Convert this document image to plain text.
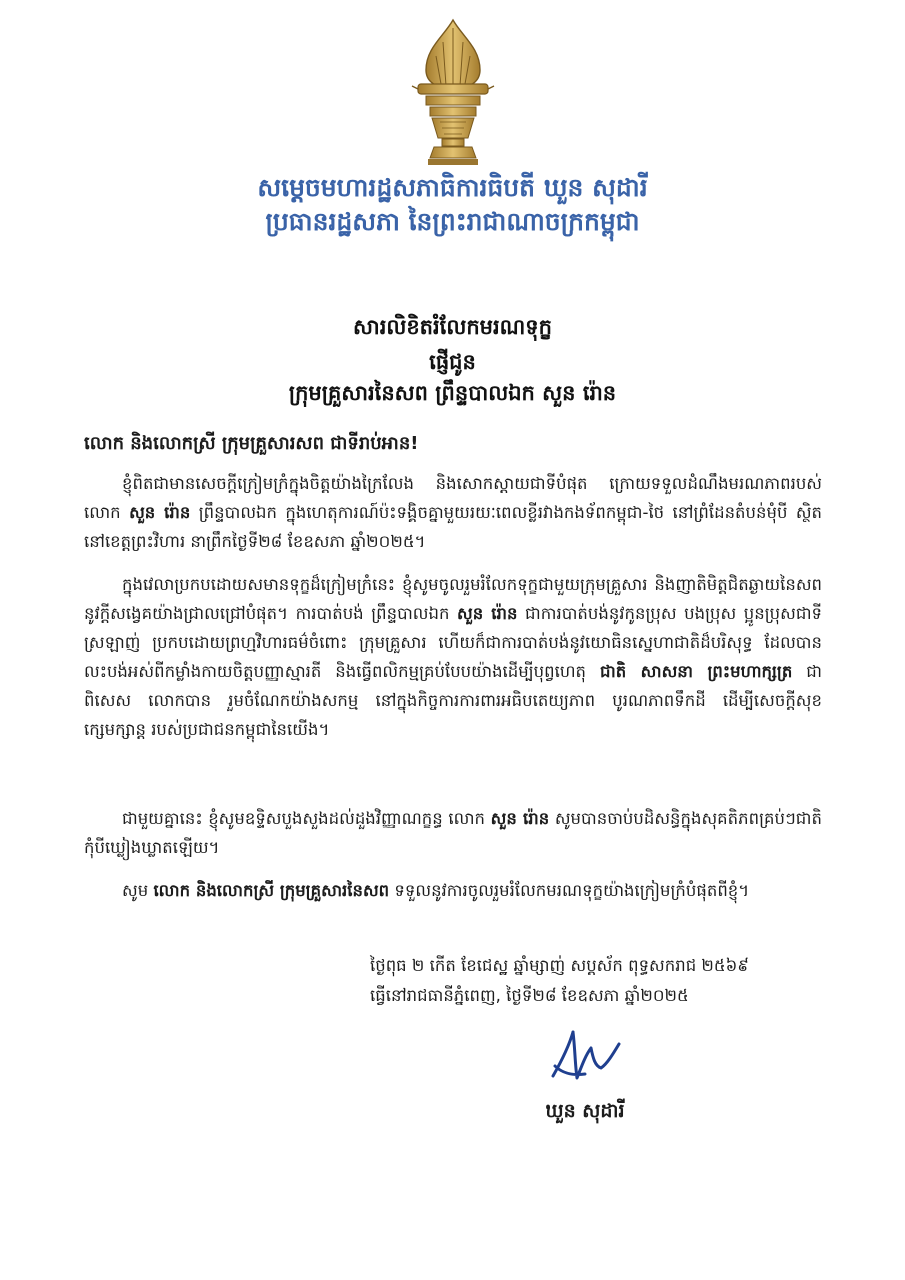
សម្តេចមហារដ្ឋសភាធិការធិបតី ឃួន សុដារី
ប្រធានរដ្ឋសភា នៃព្រះរាជាណាចក្រកម្ពុជា
សារលិខិតរំលែកមរណទុក្ខ
ផ្ញើជូន
ក្រុមគ្រួសារនៃសព ព្រឹន្ទបាលឯក សួន រ៉ោន
លោក និងលោកស្រី ក្រុមគ្រួសារសព ជាទីរាប់អាន!
ខ្ញុំពិតជាមានសេចក្តីក្រៀមក្រំក្នុងចិត្តយ៉ាងក្រៃលែង និងសោកស្តាយជាទីបំផុត ក្រោយទទួលដំណឹងមរណភាពរបស់លោក សួន រ៉ោន ព្រឹន្ទបាលឯក ក្នុងហេតុការណ៍ប៉ះទង្គិចគ្នាមួយរយៈពេលខ្លីរវាងកងទ័ពកម្ពុជា-ថៃ នៅព្រំដែនតំបន់មុំបី ស្ថិតនៅខេត្តព្រះវិហារ នាព្រឹកថ្ងៃទី២៨ ខែឧសភា ឆ្នាំ២០២៥។
ក្នុងវេលាប្រកបដោយសមានទុក្ខដ៏ក្រៀមក្រំនេះ ខ្ញុំសូមចូលរួមរំលែកទុក្ខជាមួយក្រុមគ្រួសារ និងញាតិមិត្តជិតឆ្ងាយនៃសព នូវក្តីសង្វេគយ៉ាងជ្រាលជ្រៅបំផុត។ ការបាត់បង់ ព្រឹន្ទបាលឯក សួន រ៉ោន ជាការបាត់បង់នូវកូនប្រុស បងប្រុស ប្អូនប្រុសជាទីស្រឡាញ់ ប្រកបដោយព្រហ្មវិហារធម៌ចំពោះ ក្រុមគ្រួសារ ហើយក៏ជាការបាត់បង់នូវយោធិនស្នេហាជាតិដ៏បរិសុទ្ធ ដែលបានលះបង់អស់ពីកម្លាំងកាយចិត្តបញ្ញាស្មារតី និងធ្វើពលិកម្មគ្រប់បែបយ៉ាងដើម្បីបុព្វហេតុ ជាតិ សាសនា ព្រះមហាក្សត្រ ជាពិសេស លោកបាន រួមចំណែកយ៉ាងសកម្ម នៅក្នុងកិច្ចការការពារអធិបតេយ្យភាព បូរណភាពទឹកដី ដើម្បីសេចក្តីសុខក្សេមក្សាន្ត របស់ប្រជាជនកម្ពុជានៃយើង។
ជាមួយគ្នានេះ ខ្ញុំសូមឧទ្ទិសបួងសួងដល់ដួងវិញ្ញាណក្ខន្ធ លោក សួន រ៉ោន សូមបានចាប់បដិសន្ធិក្នុងសុគតិភពគ្រប់ៗជាតិ កុំបីឃ្លៀងឃ្លាតឡើយ។
សូម លោក និងលោកស្រី ក្រុមគ្រួសារនៃសព ទទួលនូវការចូលរួមរំលែកមរណទុក្ខយ៉ាងក្រៀមក្រំបំផុតពីខ្ញុំ។
ថ្ងៃពុធ ២ កើត ខែជេស្ឋ ឆ្នាំម្សាញ់ សប្តស័ក ពុទ្ធសករាជ ២៥៦៩
ធ្វើនៅរាជធានីភ្នំពេញ, ថ្ងៃទី២៨ ខែឧសភា ឆ្នាំ២០២៥
ឃួន សុដារី
